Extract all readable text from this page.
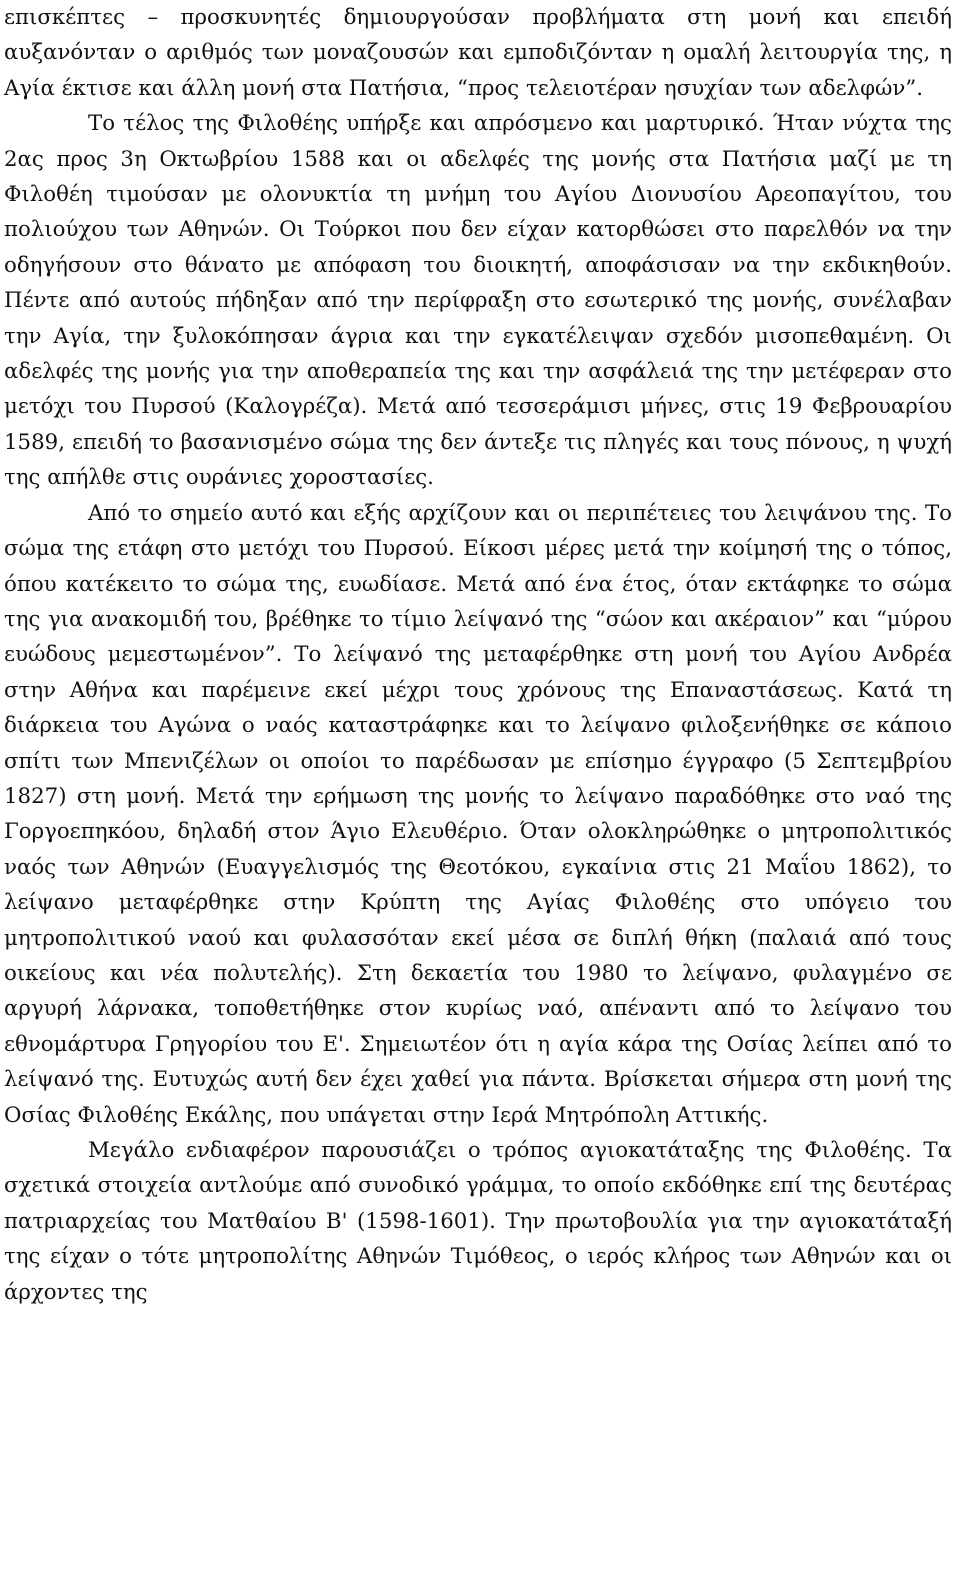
επισκέπτες – προσκυνητές δημιουργούσαν προβλήματα στη μονή και επειδή αυξανόνταν ο αριθμός των μοναζουσών και εμποδιζόνταν η ομαλή λειτουργία της, η Αγία έκτισε και άλλη μονή στα Πατήσια, “προς τελειοτέραν ησυχίαν των αδελφών”.

Το τέλος της Φιλοθέης υπήρξε και απρόσμενο και μαρτυρικό. Ήταν νύχτα της 2ας προς 3η Οκτωβρίου 1588 και οι αδελφές της μονής στα Πατήσια μαζί με τη Φιλοθέη τιμούσαν με ολονυκτία τη μνήμη του Αγίου Διονυσίου Αρεοπαγίτου, του πολιούχου των Αθηνών. Οι Τούρκοι που δεν είχαν κατορθώσει στο παρελθόν να την οδηγήσουν στο θάνατο με απόφαση του διοικητή, αποφάσισαν να την εκδικηθούν. Πέντε από αυτούς πήδηξαν από την περίφραξη στο εσωτερικό της μονής, συνέλαβαν την Αγία, την ξυλοκόπησαν άγρια και την εγκατέλειψαν σχεδόν μισοπεθαμένη. Οι αδελφές της μονής για την αποθεραπεία της και την ασφάλειά της την μετέφεραν στο μετόχι του Πυρσού (Καλογρέζα). Μετά από τεσσεράμισι μήνες, στις 19 Φεβρουαρίου 1589, επειδή το βασανισμένο σώμα της δεν άντεξε τις πληγές και τους πόνους, η ψυχή της απήλθε στις ουράνιες χοροστασίες.

Από το σημείο αυτό και εξής αρχίζουν και οι περιπέτειες του λειψάνου της. Το σώμα της ετάφη στο μετόχι του Πυρσού. Είκοσι μέρες μετά την κοίμησή της ο τόπος, όπου κατέκειτο το σώμα της, ευωδίασε. Μετά από ένα έτος, όταν εκτάφηκε το σώμα της για ανακομιδή του, βρέθηκε το τίμιο λείψανό της “σώον και ακέραιον” και “μύρου ευώδους μεμεστωμένον”. Το λείψανό της μεταφέρθηκε στη μονή του Αγίου Ανδρέα στην Αθήνα και παρέμεινε εκεί μέχρι τους χρόνους της Επαναστάσεως. Κατά τη διάρκεια του Αγώνα ο ναός καταστράφηκε και το λείψανο φιλοξενήθηκε σε κάποιο σπίτι των Μπενιζέλων οι οποίοι το παρέδωσαν με επίσημο έγγραφο (5 Σεπτεμβρίου 1827) στη μονή. Μετά την ερήμωση της μονής το λείψανο παραδόθηκε στο ναό της Γοργοεπηκόου, δηλαδή στον Άγιο Ελευθέριο. Όταν ολοκληρώθηκε ο μητροπολιτικός ναός των Αθηνών (Ευαγγελισμός της Θεοτόκου, εγκαίνια στις 21 Μαΐου 1862), το λείψανο μεταφέρθηκε στην Κρύπτη της Αγίας Φιλοθέης στο υπόγειο του μητροπολιτικού ναού και φυλασσόταν εκεί μέσα σε διπλή θήκη (παλαιά από τους οικείους και νέα πολυτελής). Στη δεκαετία του 1980 το λείψανο, φυλαγμένο σε αργυρή λάρνακα, τοποθετήθηκε στον κυρίως ναό, απέναντι από το λείψανο του εθνομάρτυρα Γρηγορίου του Ε'. Σημειωτέον ότι η αγία κάρα της Οσίας λείπει από το λείψανό της. Ευτυχώς αυτή δεν έχει χαθεί για πάντα. Βρίσκεται σήμερα στη μονή της Οσίας Φιλοθέης Εκάλης, που υπάγεται στην Ιερά Μητρόπολη Αττικής.

Μεγάλο ενδιαφέρον παρουσιάζει ο τρόπος αγιοκατάταξης της Φιλοθέης. Τα σχετικά στοιχεία αντλούμε από συνοδικό γράμμα, το οποίο εκδόθηκε επί της δευτέρας πατριαρχείας του Ματθαίου Β' (1598-1601). Την πρωτοβουλία για την αγιοκατάταξή της είχαν ο τότε μητροπολίτης Αθηνών Τιμόθεος, ο ιερός κλήρος των Αθηνών και οι άρχοντες της
